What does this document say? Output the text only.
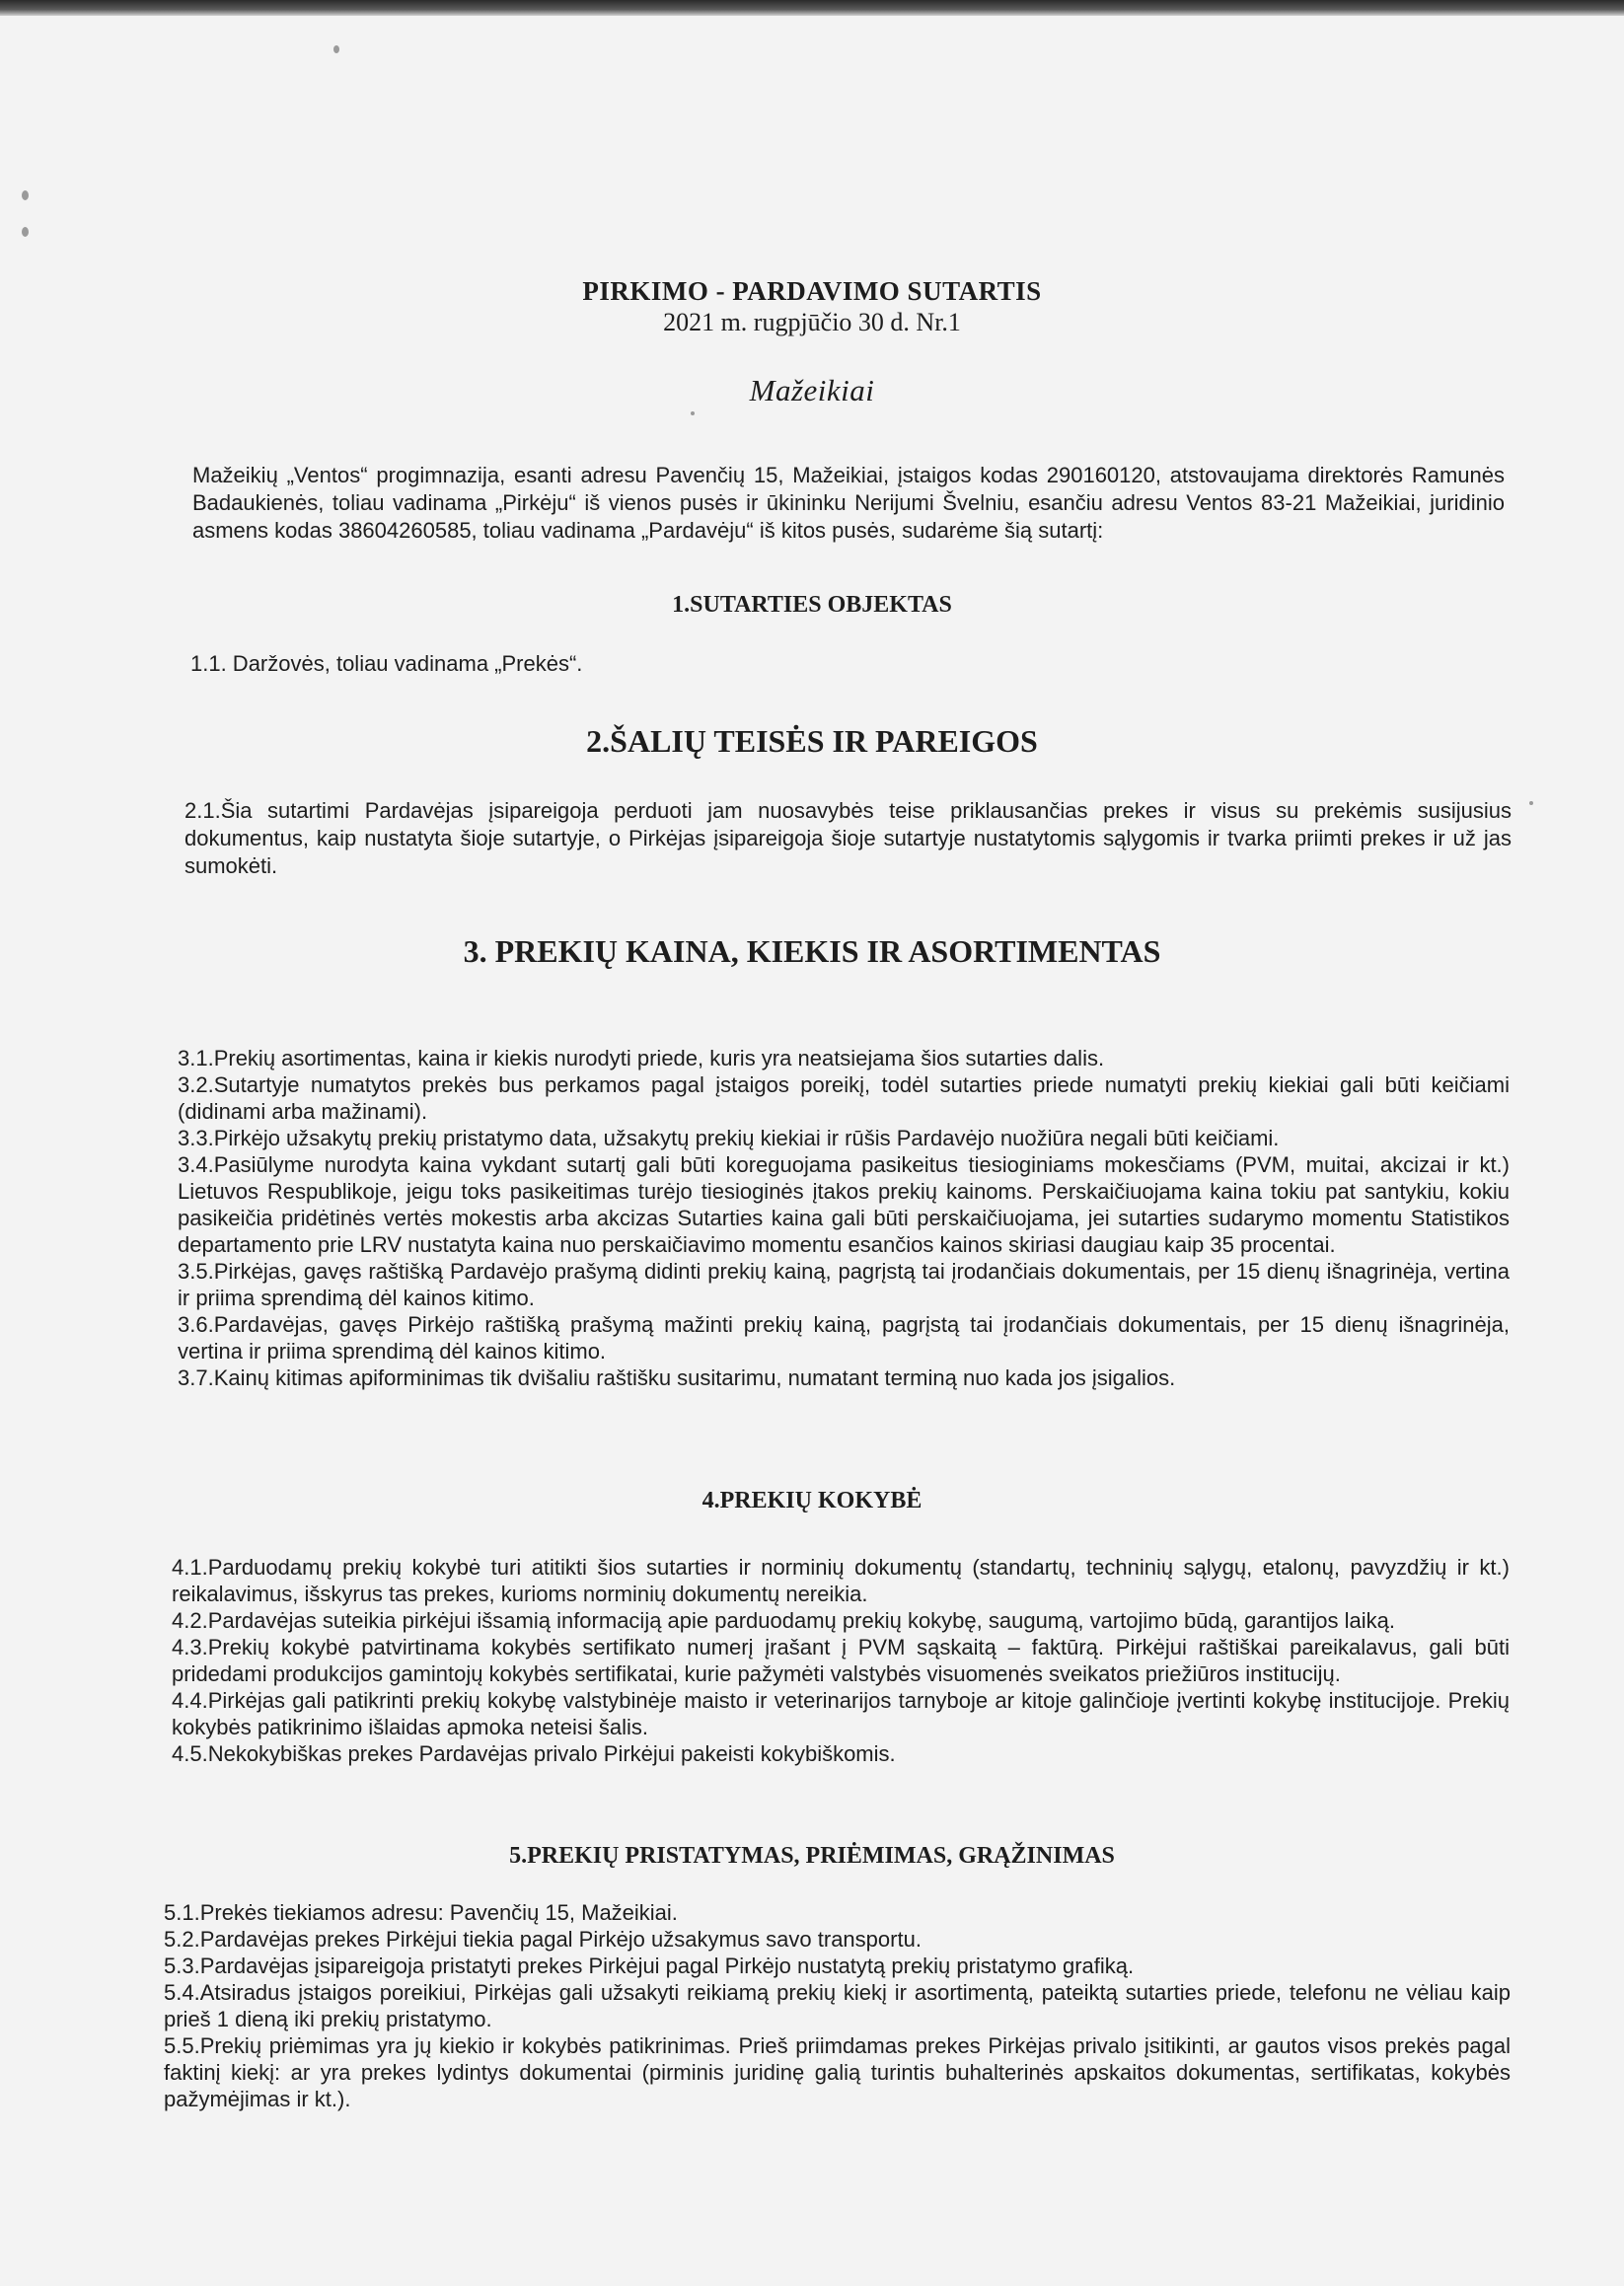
PIRKIMO - PARDAVIMO SUTARTIS
2021 m. rugpjūčio 30 d. Nr.1
Mažeikiai

Mažeikių „Ventos“ progimnazija, esanti adresu Pavenčių 15, Mažeikiai, įstaigos kodas 290160120, atstovaujama direktorės Ramunės Badaukienės, toliau vadinama „Pirkėju“ iš vienos pusės ir ūkininku Nerijumi Švelniu, esančiu adresu Ventos 83-21 Mažeikiai, juridinio asmens kodas 38604260585, toliau vadinama „Pardavėju“ iš kitos pusės, sudarėme šią sutartį:

1.SUTARTIES OBJEKTAS

1.1. Daržovės, toliau vadinama „Prekės“.

2.ŠALIŲ TEISĖS IR PAREIGOS

2.1.Šia sutartimi Pardavėjas įsipareigoja perduoti jam nuosavybės teise priklausančias prekes ir visus su prekėmis susijusius dokumentus, kaip nustatyta šioje sutartyje, o Pirkėjas įsipareigoja šioje sutartyje nustatytomis sąlygomis ir tvarka priimti prekes ir už jas sumokėti.

3. PREKIŲ KAINA, KIEKIS IR ASORTIMENTAS
3.1.Prekių asortimentas, kaina ir kiekis nurodyti priede, kuris yra neatsiejama šios sutarties dalis.
3.2.Sutartyje numatytos prekės bus perkamos pagal įstaigos poreikį, todėl sutarties priede numatyti prekių kiekiai gali būti keičiami (didinami arba mažinami).
3.3.Pirkėjo užsakytų prekių pristatymo data, užsakytų prekių kiekiai ir rūšis Pardavėjo nuožiūra negali būti keičiami.
3.4.Pasiūlyme nurodyta kaina vykdant sutartį gali būti koreguojama pasikeitus tiesioginiams mokesčiams (PVM, muitai, akcizai ir kt.) Lietuvos Respublikoje, jeigu toks pasikeitimas turėjo tiesioginės įtakos prekių kainoms. Perskaičiuojama kaina tokiu pat santykiu, kokiu pasikeičia pridėtinės vertės mokestis arba akcizas Sutarties kaina gali būti perskaičiuojama, jei sutarties sudarymo momentu Statistikos departamento prie LRV nustatyta kaina nuo perskaičiavimo momentu esančios kainos skiriasi daugiau kaip 35 procentai.
3.5.Pirkėjas, gavęs raštišką Pardavėjo prašymą didinti prekių kainą, pagrįstą tai įrodančiais dokumentais, per 15 dienų išnagrinėja, vertina ir priima sprendimą dėl kainos kitimo.
3.6.Pardavėjas, gavęs Pirkėjo raštišką prašymą mažinti prekių kainą, pagrįstą tai įrodančiais dokumentais, per 15 dienų išnagrinėja, vertina ir priima sprendimą dėl kainos kitimo.
3.7.Kainų kitimas apiforminimas tik dvišaliu raštišku susitarimu, numatant terminą nuo kada jos įsigalios.
4.PREKIŲ KOKYBĖ
4.1.Parduodamų prekių kokybė turi atitikti šios sutarties ir norminių dokumentų (standartų, techninių sąlygų, etalonų, pavyzdžių ir kt.) reikalavimus, išskyrus tas prekes, kurioms norminių dokumentų nereikia.
4.2.Pardavėjas suteikia pirkėjui išsamią informaciją apie parduodamų prekių kokybę, saugumą, vartojimo būdą, garantijos laiką.
4.3.Prekių kokybė patvirtinama kokybės sertifikato numerį įrašant į PVM sąskaitą – faktūrą. Pirkėjui raštiškai pareikalavus, gali būti pridedami produkcijos gamintojų kokybės sertifikatai, kurie pažymėti valstybės visuomenės sveikatos priežiūros institucijų.
4.4.Pirkėjas gali patikrinti prekių kokybę valstybinėje maisto ir veterinarijos tarnyboje ar kitoje galinčioje įvertinti kokybę institucijoje. Prekių kokybės patikrinimo išlaidas apmoka neteisi šalis.
4.5.Nekokybiškas prekes Pardavėjas privalo Pirkėjui pakeisti kokybiškomis.
5.PREKIŲ PRISTATYMAS, PRIĖMIMAS, GRĄŽINIMAS
5.1.Prekės tiekiamos adresu: Pavenčių 15, Mažeikiai.
5.2.Pardavėjas prekes Pirkėjui tiekia pagal Pirkėjo užsakymus savo transportu.
5.3.Pardavėjas įsipareigoja pristatyti prekes Pirkėjui pagal Pirkėjo nustatytą prekių pristatymo grafiką.
5.4.Atsiradus įstaigos poreikiui, Pirkėjas gali užsakyti reikiamą prekių kiekį ir asortimentą, pateiktą sutarties priede, telefonu ne vėliau kaip prieš 1 dieną iki prekių pristatymo.
5.5.Prekių priėmimas yra jų kiekio ir kokybės patikrinimas. Prieš priimdamas prekes Pirkėjas privalo įsitikinti, ar gautos visos prekės pagal faktinį kiekį: ar yra prekes lydintys dokumentai (pirminis juridinę galią turintis buhalterinės apskaitos dokumentas, sertifikatas, kokybės pažymėjimas ir kt.).
